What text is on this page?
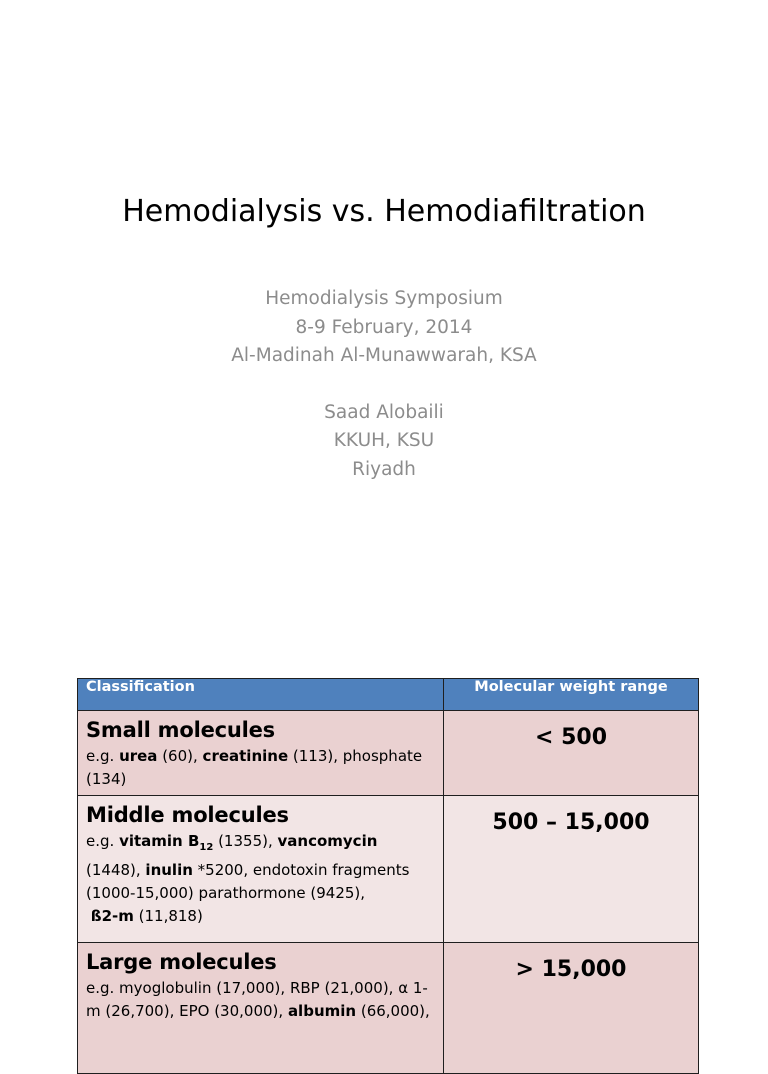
Hemodialysis vs. Hemodiafiltration
Hemodialysis Symposium
8-9 February, 2014
Al-Madinah Al-Munawwarah, KSA
Saad Alobaili
KKUH, KSU
Riyadh
Classification	Molecular weight range

Small molecules
e.g. urea (60), creatinine (113), phosphate (134)	< 500

Middle molecules
e.g. vitamin $B_{12}$ (1355), vancomycin (1448), inulin *5200, endotoxin fragments (1000-15,000) parathormone (9425),
ß2-m (11,818)	500 – 15,000

Large molecules
e.g. myoglobulin (17,000), RBP (21,000), α 1-m (26,700), EPO (30,000), albumin (66,000),	> 15,000
